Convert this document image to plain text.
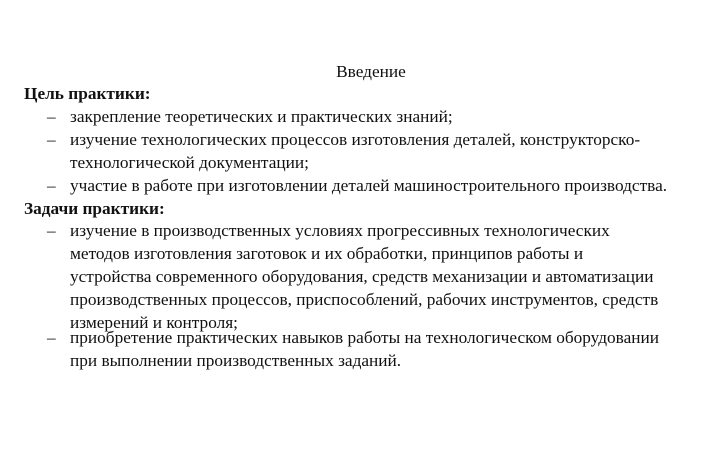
Введение
Цель практики:
– закрепление теоретических и практических знаний;
– изучение технологических процессов изготовления деталей, конструкторско-
технологической документации;
– участие в работе при изготовлении деталей машиностроительного производства.
Задачи практики:
– изучение в производственных условиях прогрессивных технологических
методов изготовления заготовок и их обработки, принципов работы и
устройства современного оборудования, средств механизации и автоматизации
производственных процессов, приспособлений, рабочих инструментов, средств
измерений и контроля;
– приобретение практических навыков работы на технологическом оборудовании
при выполнении производственных заданий.
